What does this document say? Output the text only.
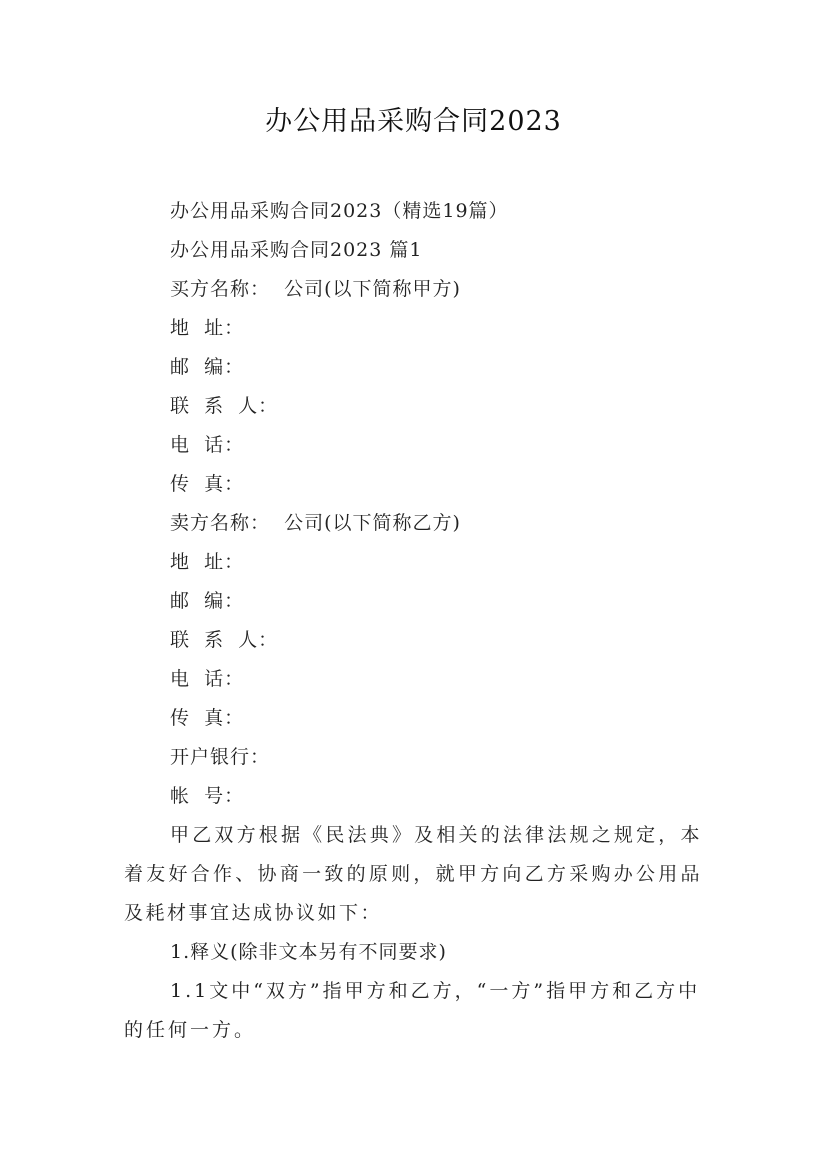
办公用品采购合同2023
办公用品采购合同2023（精选19篇）
办公用品采购合同2023 篇1
买方名称：  公司(以下简称甲方)
地  址：
邮  编：
联  系  人：
电  话：
传  真：
卖方名称：  公司(以下简称乙方)
地  址：
邮  编：
联  系  人：
电  话：
传  真：
开户银行：
帐  号：

甲乙双方根据《民法典》及相关的法律法规之规定，本着友好合作、协商一致的原则，就甲方向乙方采购办公用品及耗材事宜达成协议如下：

1.释义(除非文本另有不同要求)

1.1文中“双方”指甲方和乙方，“一方”指甲方和乙方中的任何一方。
